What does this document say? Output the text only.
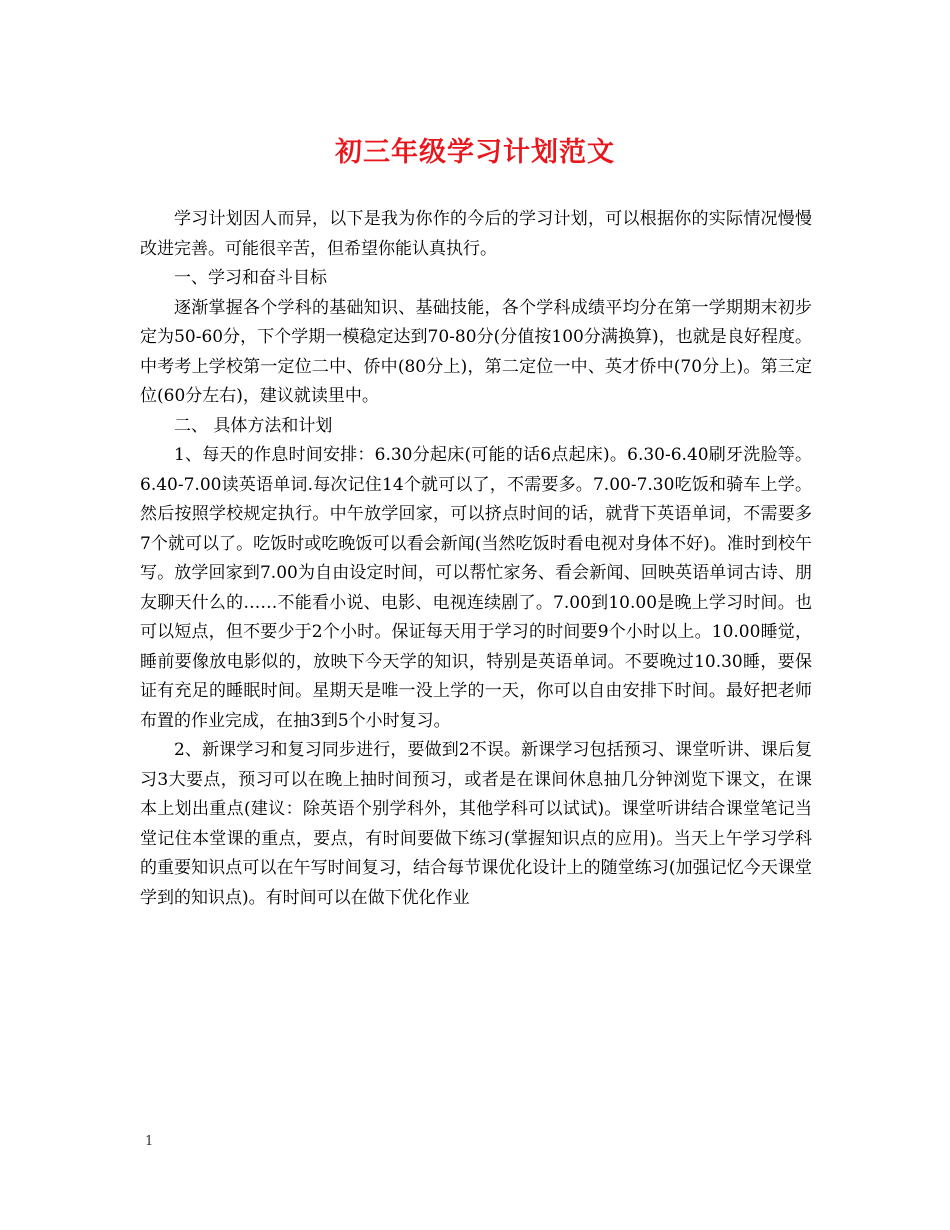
初三年级学习计划范文

学习计划因人而异，以下是我为你作的今后的学习计划，可以根据你的实际情况慢慢改进完善。可能很辛苦，但希望你能认真执行。

一、学习和奋斗目标

逐渐掌握各个学科的基础知识、基础技能，各个学科成绩平均分在第一学期期末初步定为50-60分，下个学期一模稳定达到70-80分(分值按100分满换算)，也就是良好程度。中考考上学校第一定位二中、侨中(80分上)，第二定位一中、英才侨中(70分上)。第三定位(60分左右)，建议就读里中。

二、 具体方法和计划

1、每天的作息时间安排：6.30分起床(可能的话6点起床)。6.30-6.40刷牙洗脸等。6.40-7.00读英语单词.每次记住14个就可以了，不需要多。7.00-7.30吃饭和骑车上学。然后按照学校规定执行。中午放学回家，可以挤点时间的话，就背下英语单词，不需要多7个就可以了。吃饭时或吃晚饭可以看会新闻(当然吃饭时看电视对身体不好)。准时到校午写。放学回家到7.00为自由设定时间，可以帮忙家务、看会新闻、回映英语单词古诗、朋友聊天什么的……不能看小说、电影、电视连续剧了。7.00到10.00是晚上学习时间。也可以短点，但不要少于2个小时。保证每天用于学习的时间要9个小时以上。10.00睡觉，睡前要像放电影似的，放映下今天学的知识，特别是英语单词。不要晚过10.30睡，要保证有充足的睡眠时间。星期天是唯一没上学的一天，你可以自由安排下时间。最好把老师布置的作业完成，在抽3到5个小时复习。

2、新课学习和复习同步进行，要做到2不误。新课学习包括预习、课堂听讲、课后复习3大要点，预习可以在晚上抽时间预习，或者是在课间休息抽几分钟浏览下课文，在课本上划出重点(建议：除英语个别学科外，其他学科可以试试)。课堂听讲结合课堂笔记当堂记住本堂课的重点，要点，有时间要做下练习(掌握知识点的应用)。当天上午学习学科的重要知识点可以在午写时间复习，结合每节课优化设计上的随堂练习(加强记忆今天课堂学到的知识点)。有时间可以在做下优化作业

1
